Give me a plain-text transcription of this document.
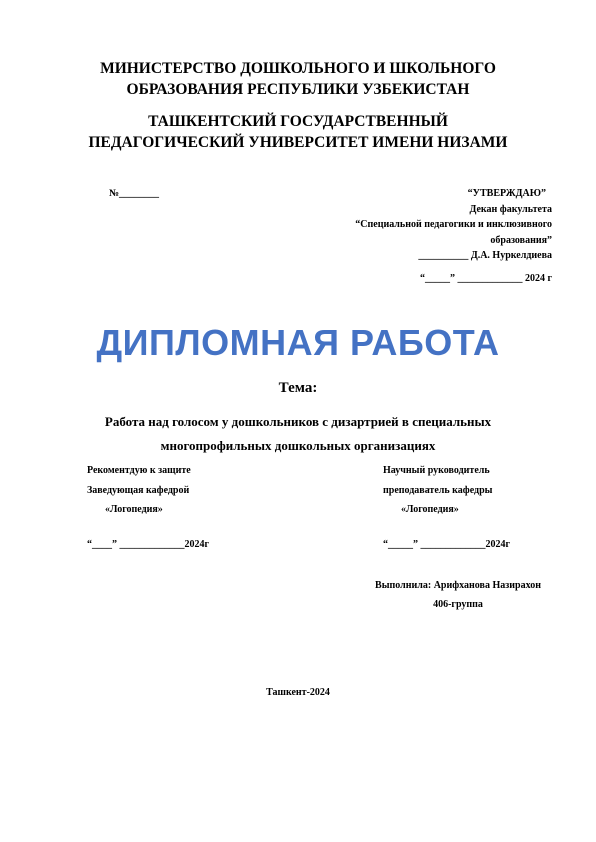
МИНИСТЕРСТВО ДОШКОЛЬНОГО И ШКОЛЬНОГО
ОБРАЗОВАНИЯ РЕСПУБЛИКИ УЗБЕКИСТАН
ТАШКЕНТСКИЙ ГОСУДАРСТВЕННЫЙ
ПЕДАГОГИЧЕСКИЙ УНИВЕРСИТЕТ ИМЕНИ НИЗАМИ
№________	“УТВЕРЖДАЮ”
Декан факультета
“Специальной педагогики и инклюзивного
образования”
__________ Д.А. Нуркелдиева
“_____” _____________ 2024 г
ДИПЛОМНАЯ РАБОТА
Тема:
Работа над голосом у дошкольников с дизартрией в специальных
многопрофильных дошкольных организациях
Рекоментдую к защите
Заведующая кафедрой
«Логопедия»
Научный руководитель
преподаватель кафедры
«Логопедия»
“____” _____________2024г	“_____” _____________2024г
Выполнила: Арифханова Назирахон
406-группа
Ташкент-2024
